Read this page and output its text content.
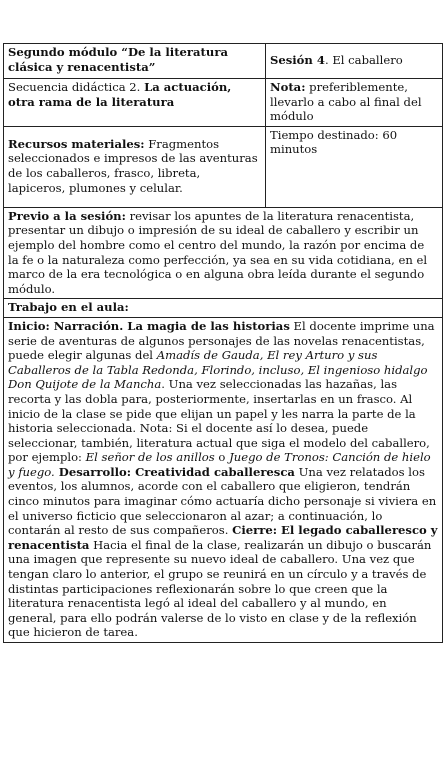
Segundo módulo “De la literatura clásica y renacentista”	Sesión 4. El caballero
Secuencia didáctica 2. La actuación, otra rama de la literatura	Nota: preferiblemente, llevarlo a cabo al final del módulo
Recursos materiales: Fragmentos seleccionados e impresos de las aventuras de los caballeros, frasco, libreta, lapiceros, plumones y celular.	Tiempo destinado: 60 minutos
Previo a la sesión: revisar los apuntes de la literatura renacentista, presentar un dibujo o impresión de su ideal de caballero y escribir un ejemplo del hombre como el centro del mundo, la razón por encima de la fe o la naturaleza como perfección, ya sea en su vida cotidiana, en el marco de la era tecnológica o en alguna obra leída durante el segundo módulo.	
Trabajo en el aula:	
Inicio: Narración. La magia de las historias El docente imprime una serie de aventuras de algunos personajes de las novelas renacentistas, puede elegir algunas del Amadís de Gauda, El rey Arturo y sus Caballeros de la Tabla Redonda, Florindo, incluso, El ingenioso hidalgo Don Quijote de la Mancha. Una vez seleccionadas las hazañas, las recorta y las dobla para, posteriormente, insertarlas en un frasco. Al inicio de la clase se pide que elijan un papel y les narra la parte de la historia seleccionada. Nota: Si el docente así lo desea, puede seleccionar, también, literatura actual que siga el modelo del caballero, por ejemplo: El señor de los anillos o Juego de Tronos: Canción de hielo y fuego. Desarrollo: Creatividad caballeresca Una vez relatados los eventos, los alumnos, acorde con el caballero que eligieron, tendrán cinco minutos para imaginar cómo actuaría dicho personaje si viviera en el universo ficticio que seleccionaron al azar; a continuación, lo contarán al resto de sus compañeros. Cierre: El legado caballeresco y renacentista Hacia el final de la clase, realizarán un dibujo o buscarán una imagen que represente su nuevo ideal de caballero. Una vez que tengan claro lo anterior, el grupo se reunirá en un círculo y a través de distintas participaciones reflexionarán sobre lo que creen que la literatura renacentista legó al ideal del caballero y al mundo, en general, para ello podrán valerse de lo visto en clase y de la reflexión que hicieron de tarea.	
